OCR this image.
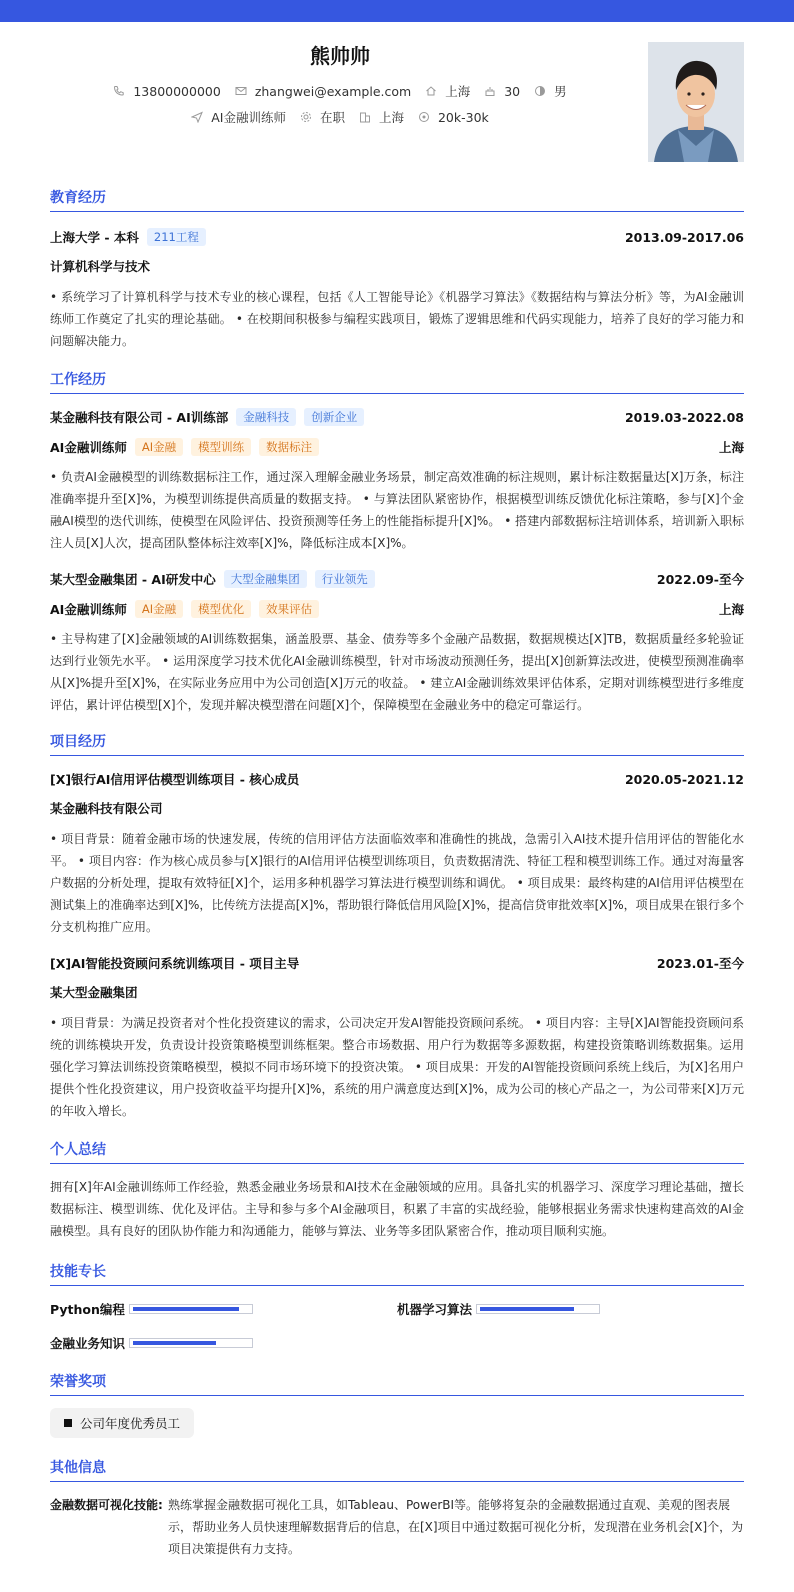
熊帅帅
13800000000	zhangwei@example.com	上海	30	男
AI金融训练师	在职	上海	20k-30k
教育经历
上海大学 - 本科	211工程	2013.09-2017.06
计算机科学与技术
• 系统学习了计算机科学与技术专业的核心课程，包括《人工智能导论》《机器学习算法》《数据结构与算法分析》等，为AI金融训练师工作奠定了扎实的理论基础。 • 在校期间积极参与编程实践项目，锻炼了逻辑思维和代码实现能力，培养了良好的学习能力和问题解决能力。
工作经历
某金融科技有限公司 - AI训练部	金融科技	创新企业	2019.03-2022.08
AI金融训练师	AI金融	模型训练	数据标注	上海
• 负责AI金融模型的训练数据标注工作，通过深入理解金融业务场景，制定高效准确的标注规则，累计标注数据量达[X]万条，标注准确率提升至[X]%，为模型训练提供高质量的数据支持。 • 与算法团队紧密协作，根据模型训练反馈优化标注策略，参与[X]个金融AI模型的迭代训练，使模型在风险评估、投资预测等任务上的性能指标提升[X]%。 • 搭建内部数据标注培训体系，培训新入职标注人员[X]人次，提高团队整体标注效率[X]%，降低标注成本[X]%。
某大型金融集团 - AI研发中心	大型金融集团	行业领先	2022.09-至今
AI金融训练师	AI金融	模型优化	效果评估	上海
• 主导构建了[X]金融领域的AI训练数据集，涵盖股票、基金、债券等多个金融产品数据，数据规模达[X]TB，数据质量经多轮验证达到行业领先水平。 • 运用深度学习技术优化AI金融训练模型，针对市场波动预测任务，提出[X]创新算法改进，使模型预测准确率从[X]%提升至[X]%，在实际业务应用中为公司创造[X]万元的收益。 • 建立AI金融训练效果评估体系，定期对训练模型进行多维度评估，累计评估模型[X]个，发现并解决模型潜在问题[X]个，保障模型在金融业务中的稳定可靠运行。
项目经历
[X]银行AI信用评估模型训练项目 - 核心成员	2020.05-2021.12
某金融科技有限公司
• 项目背景：随着金融市场的快速发展，传统的信用评估方法面临效率和准确性的挑战，急需引入AI技术提升信用评估的智能化水平。 • 项目内容：作为核心成员参与[X]银行的AI信用评估模型训练项目，负责数据清洗、特征工程和模型训练工作。通过对海量客户数据的分析处理，提取有效特征[X]个，运用多种机器学习算法进行模型训练和调优。 • 项目成果：最终构建的AI信用评估模型在测试集上的准确率达到[X]%，比传统方法提高[X]%，帮助银行降低信用风险[X]%，提高信贷审批效率[X]%，项目成果在银行多个分支机构推广应用。
[X]AI智能投资顾问系统训练项目 - 项目主导	2023.01-至今
某大型金融集团
• 项目背景：为满足投资者对个性化投资建议的需求，公司决定开发AI智能投资顾问系统。 • 项目内容：主导[X]AI智能投资顾问系统的训练模块开发，负责设计投资策略模型训练框架。整合市场数据、用户行为数据等多源数据，构建投资策略训练数据集。运用强化学习算法训练投资策略模型，模拟不同市场环境下的投资决策。 • 项目成果：开发的AI智能投资顾问系统上线后，为[X]名用户提供个性化投资建议，用户投资收益平均提升[X]%，系统的用户满意度达到[X]%，成为公司的核心产品之一，为公司带来[X]万元的年收入增长。
个人总结
拥有[X]年AI金融训练师工作经验，熟悉金融业务场景和AI技术在金融领域的应用。具备扎实的机器学习、深度学习理论基础，擅长数据标注、模型训练、优化及评估。主导和参与多个AI金融项目，积累了丰富的实战经验，能够根据业务需求快速构建高效的AI金融模型。具有良好的团队协作能力和沟通能力，能够与算法、业务等多团队紧密合作，推动项目顺利实施。
技能专长
Python编程	机器学习算法
金融业务知识
荣誉奖项
公司年度优秀员工
其他信息
金融数据可视化技能: 熟练掌握金融数据可视化工具，如Tableau、PowerBI等。能够将复杂的金融数据通过直观、美观的图表展示，帮助业务人员快速理解数据背后的信息，在[X]项目中通过数据可视化分析，发现潜在业务机会[X]个，为项目决策提供有力支持。
